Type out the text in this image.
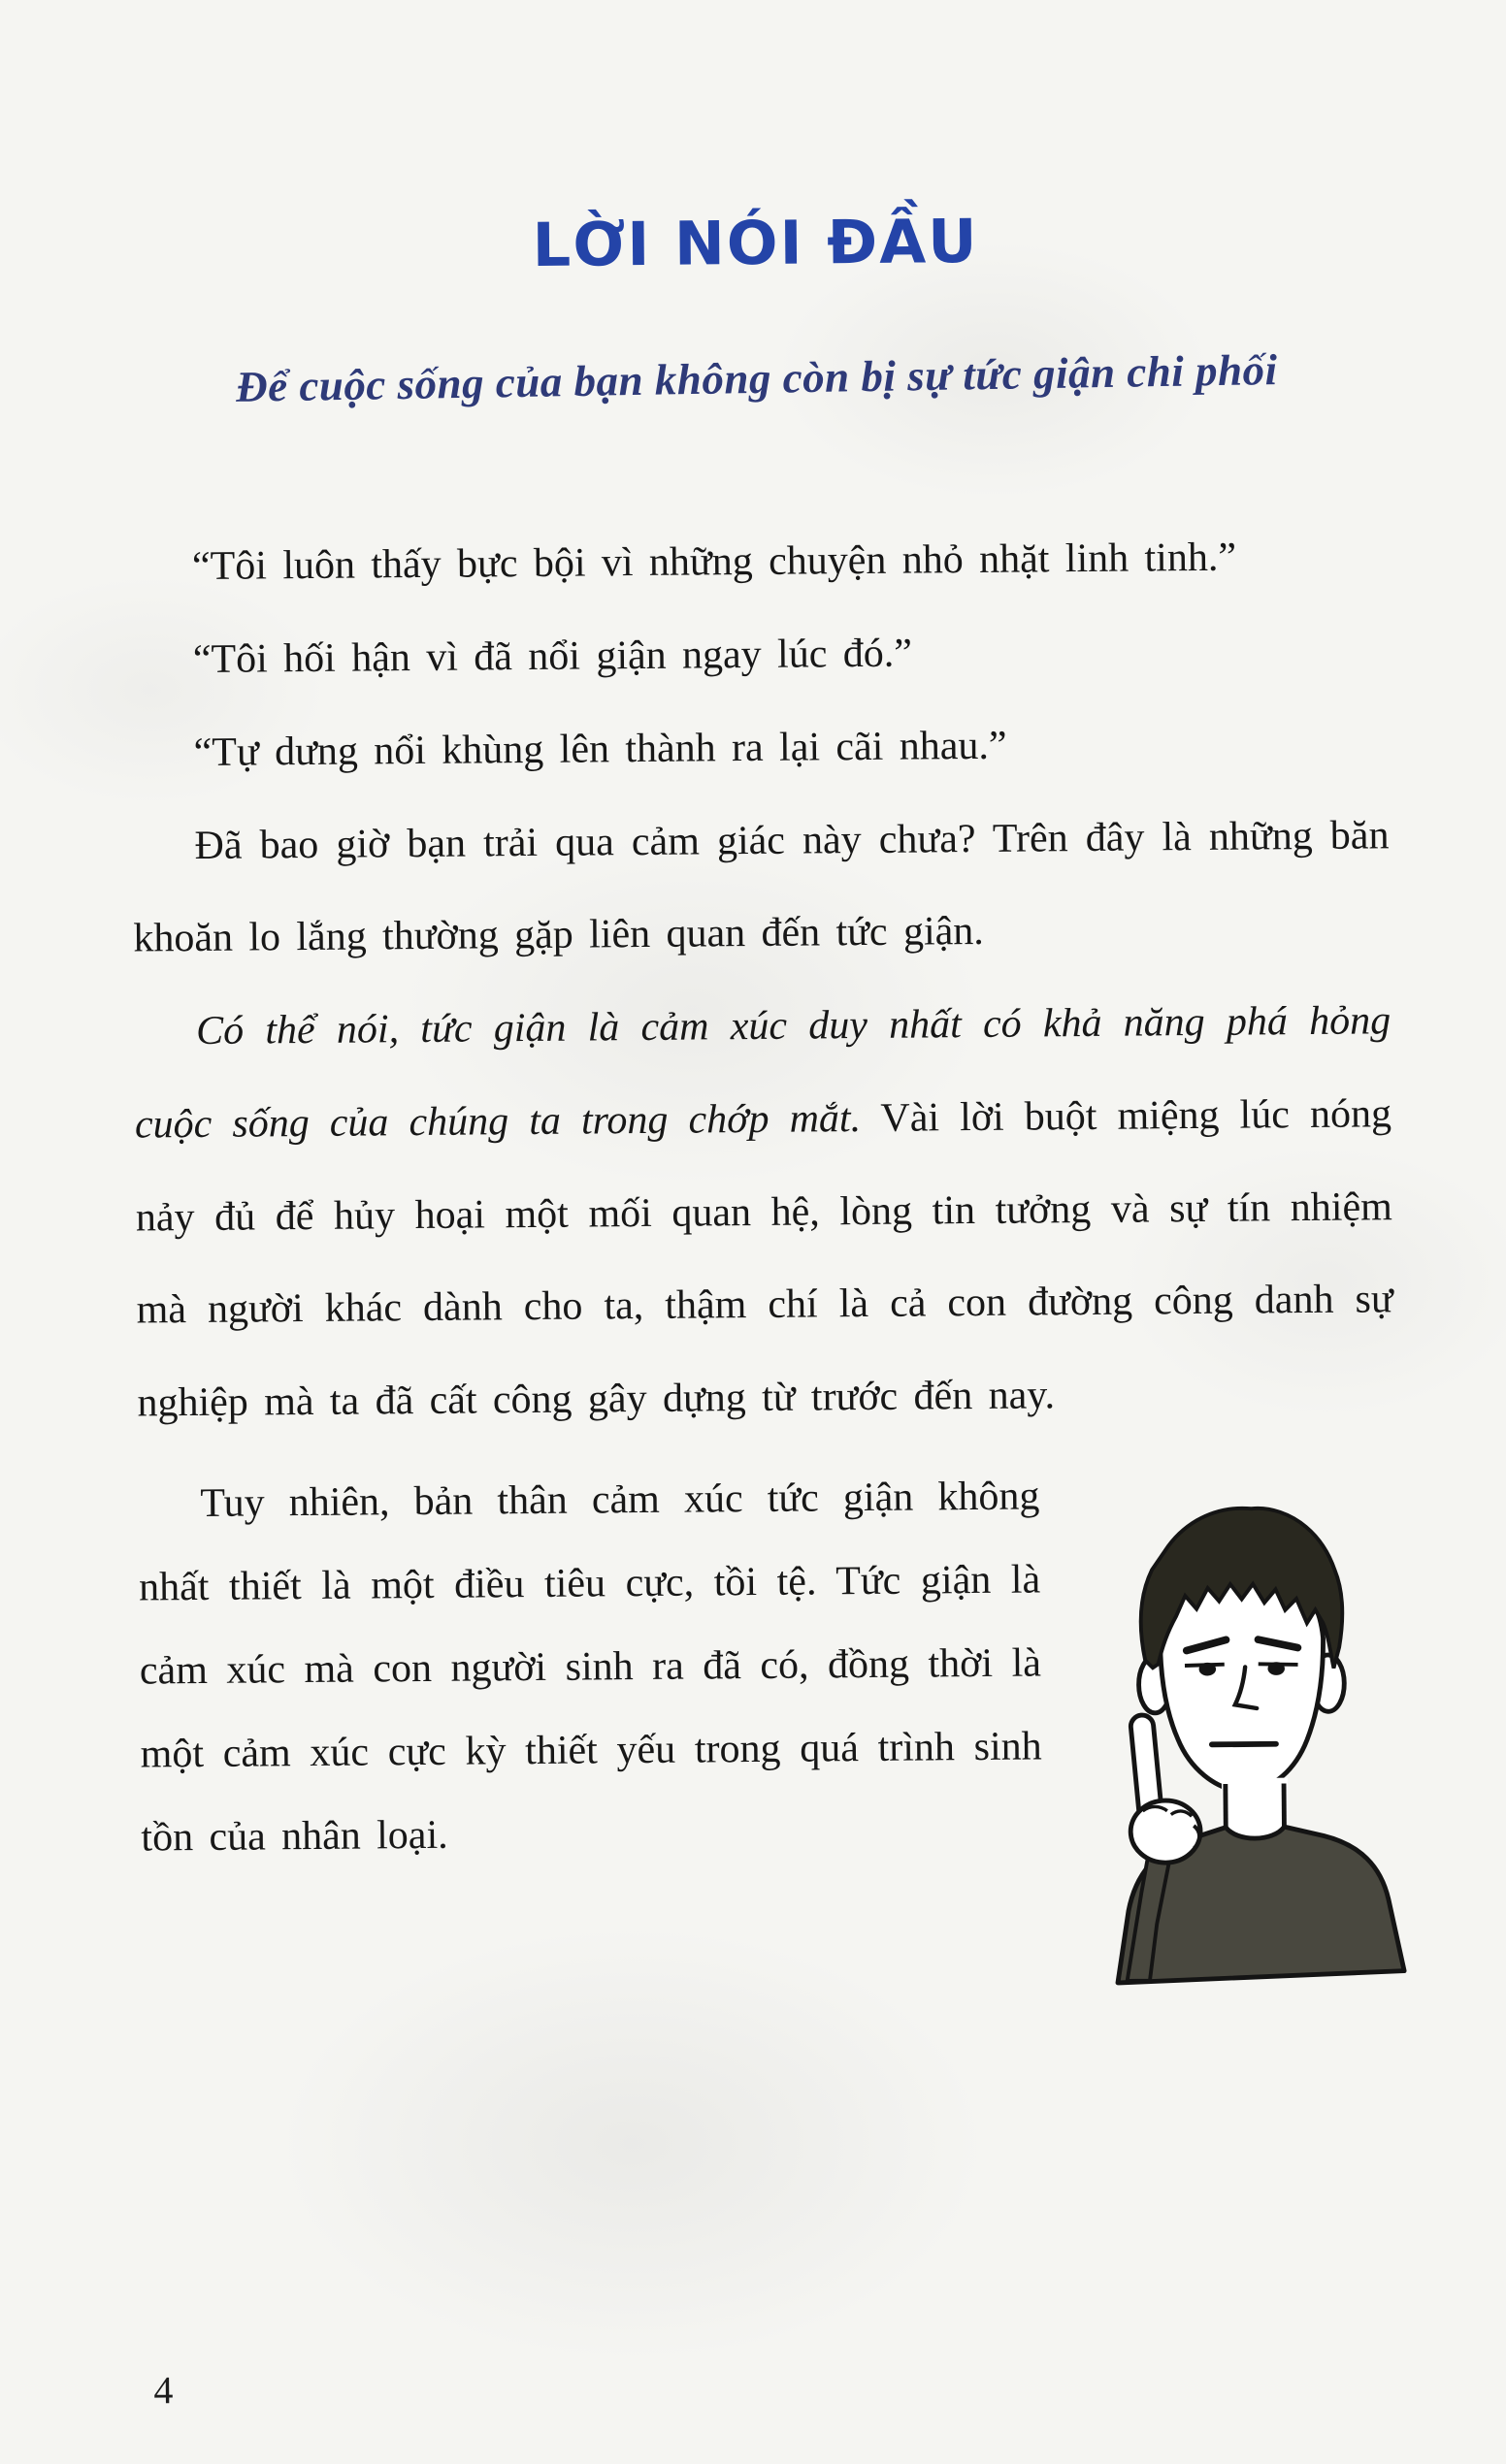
LỜI NÓI ĐẦU
Để cuộc sống của bạn không còn bị sự tức giận chi phối

“Tôi luôn thấy bực bội vì những chuyện nhỏ nhặt linh tinh.”

“Tôi hối hận vì đã nổi giận ngay lúc đó.”

“Tự dưng nổi khùng lên thành ra lại cãi nhau.”

Đã bao giờ bạn trải qua cảm giác này chưa? Trên đây là những băn khoăn lo lắng thường gặp liên quan đến tức giận.

Có thể nói, tức giận là cảm xúc duy nhất có khả năng phá hỏng cuộc sống của chúng ta trong chớp mắt. Vài lời buột miệng lúc nóng nảy đủ để hủy hoại một mối quan hệ, lòng tin tưởng và sự tín nhiệm mà người khác dành cho ta, thậm chí là cả con đường công danh sự nghiệp mà ta đã cất công gây dựng từ trước đến nay.

Tuy nhiên, bản thân cảm xúc tức giận không nhất thiết là một điều tiêu cực, tồi tệ. Tức giận là cảm xúc mà con người sinh ra đã có, đồng thời là một cảm xúc cực kỳ thiết yếu trong quá trình sinh tồn của nhân loại.

4
